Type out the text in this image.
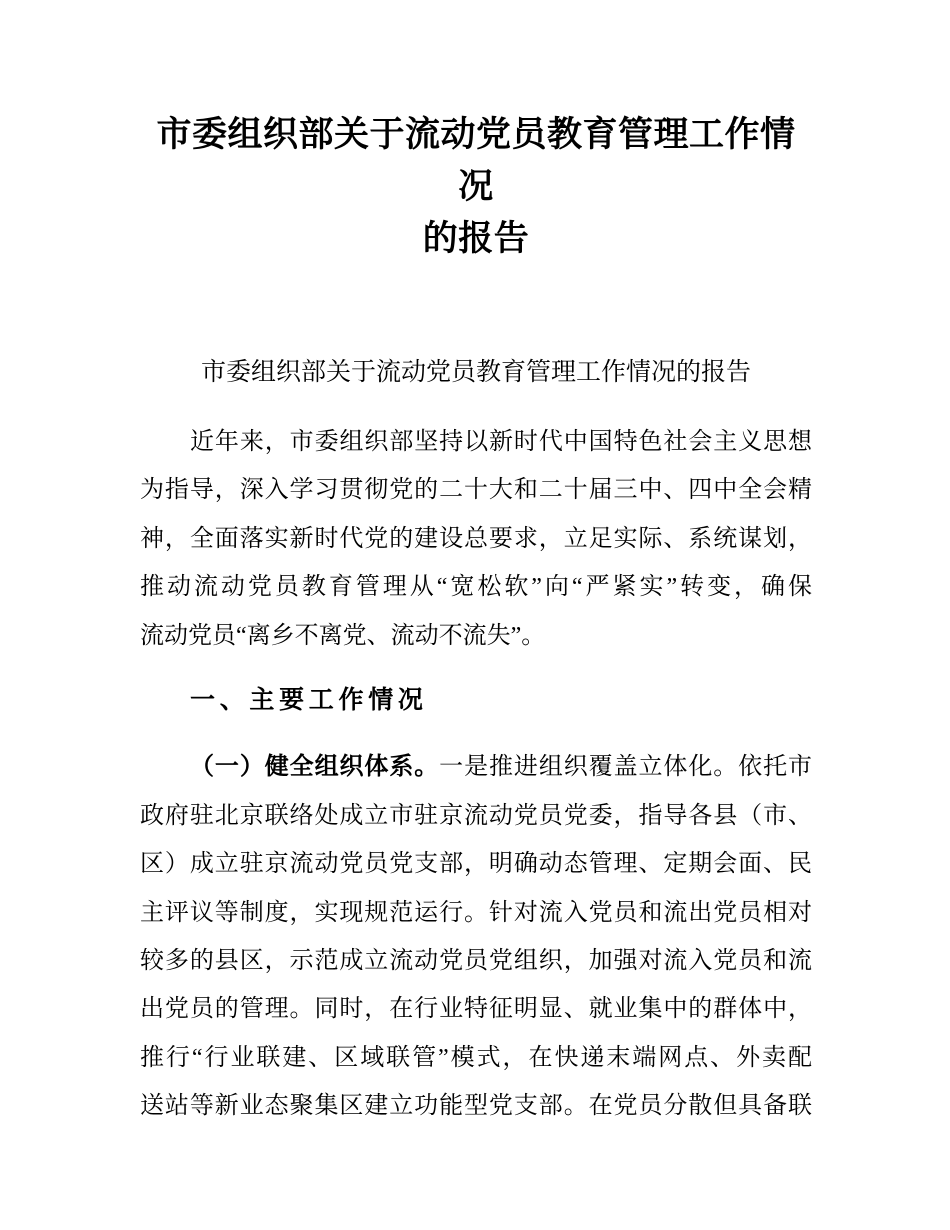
市委组织部关于流动党员教育管理工作情况
的报告
市委组织部关于流动党员教育管理工作情况的报告
近年来，市委组织部坚持以新时代中国特色社会主义思想
为指导，深入学习贯彻党的二十大和二十届三中、四中全会精
神，全面落实新时代党的建设总要求，立足实际、系统谋划，
推动流动党员教育管理从“宽松软”向“严紧实”转变，确保
流动党员“离乡不离党、流动不流失”。
一、主要工作情况
（一）健全组织体系。一是推进组织覆盖立体化。依托市
政府驻北京联络处成立市驻京流动党员党委，指导各县（市、
区）成立驻京流动党员党支部，明确动态管理、定期会面、民
主评议等制度，实现规范运行。针对流入党员和流出党员相对
较多的县区，示范成立流动党员党组织，加强对流入党员和流
出党员的管理。同时，在行业特征明显、就业集中的群体中，
推行“行业联建、区域联管”模式，在快递末端网点、外卖配
送站等新业态聚集区建立功能型党支部。在党员分散但具备联
